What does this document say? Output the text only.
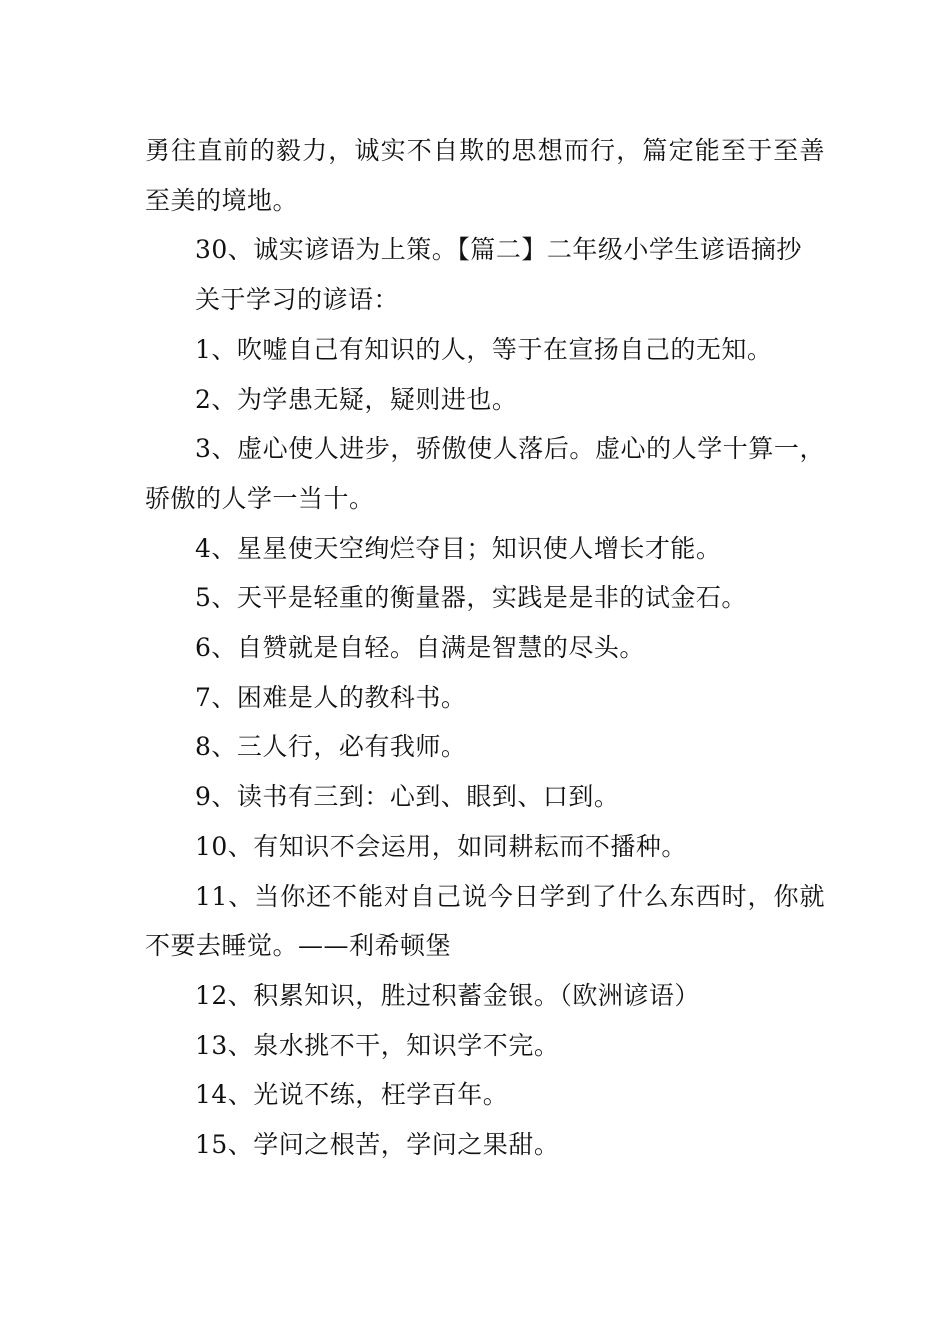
勇往直前的毅力，诚实不自欺的思想而行，篇定能至于至善至美的境地。

30、诚实谚语为上策。【篇二】二年级小学生谚语摘抄

关于学习的谚语：

1、吹嘘自己有知识的人，等于在宣扬自己的无知。

2、为学患无疑，疑则进也。

3、虚心使人进步，骄傲使人落后。虚心的人学十算一，骄傲的人学一当十。

4、星星使天空绚烂夺目；知识使人增长才能。

5、天平是轻重的衡量器，实践是是非的试金石。

6、自赞就是自轻。自满是智慧的尽头。

7、困难是人的教科书。

8、三人行，必有我师。

9、读书有三到：心到、眼到、口到。

10、有知识不会运用，如同耕耘而不播种。

11、当你还不能对自己说今日学到了什么东西时，你就不要去睡觉。——利希顿堡

12、积累知识，胜过积蓄金银。（欧洲谚语）

13、泉水挑不干，知识学不完。

14、光说不练，枉学百年。

15、学问之根苦，学问之果甜。
